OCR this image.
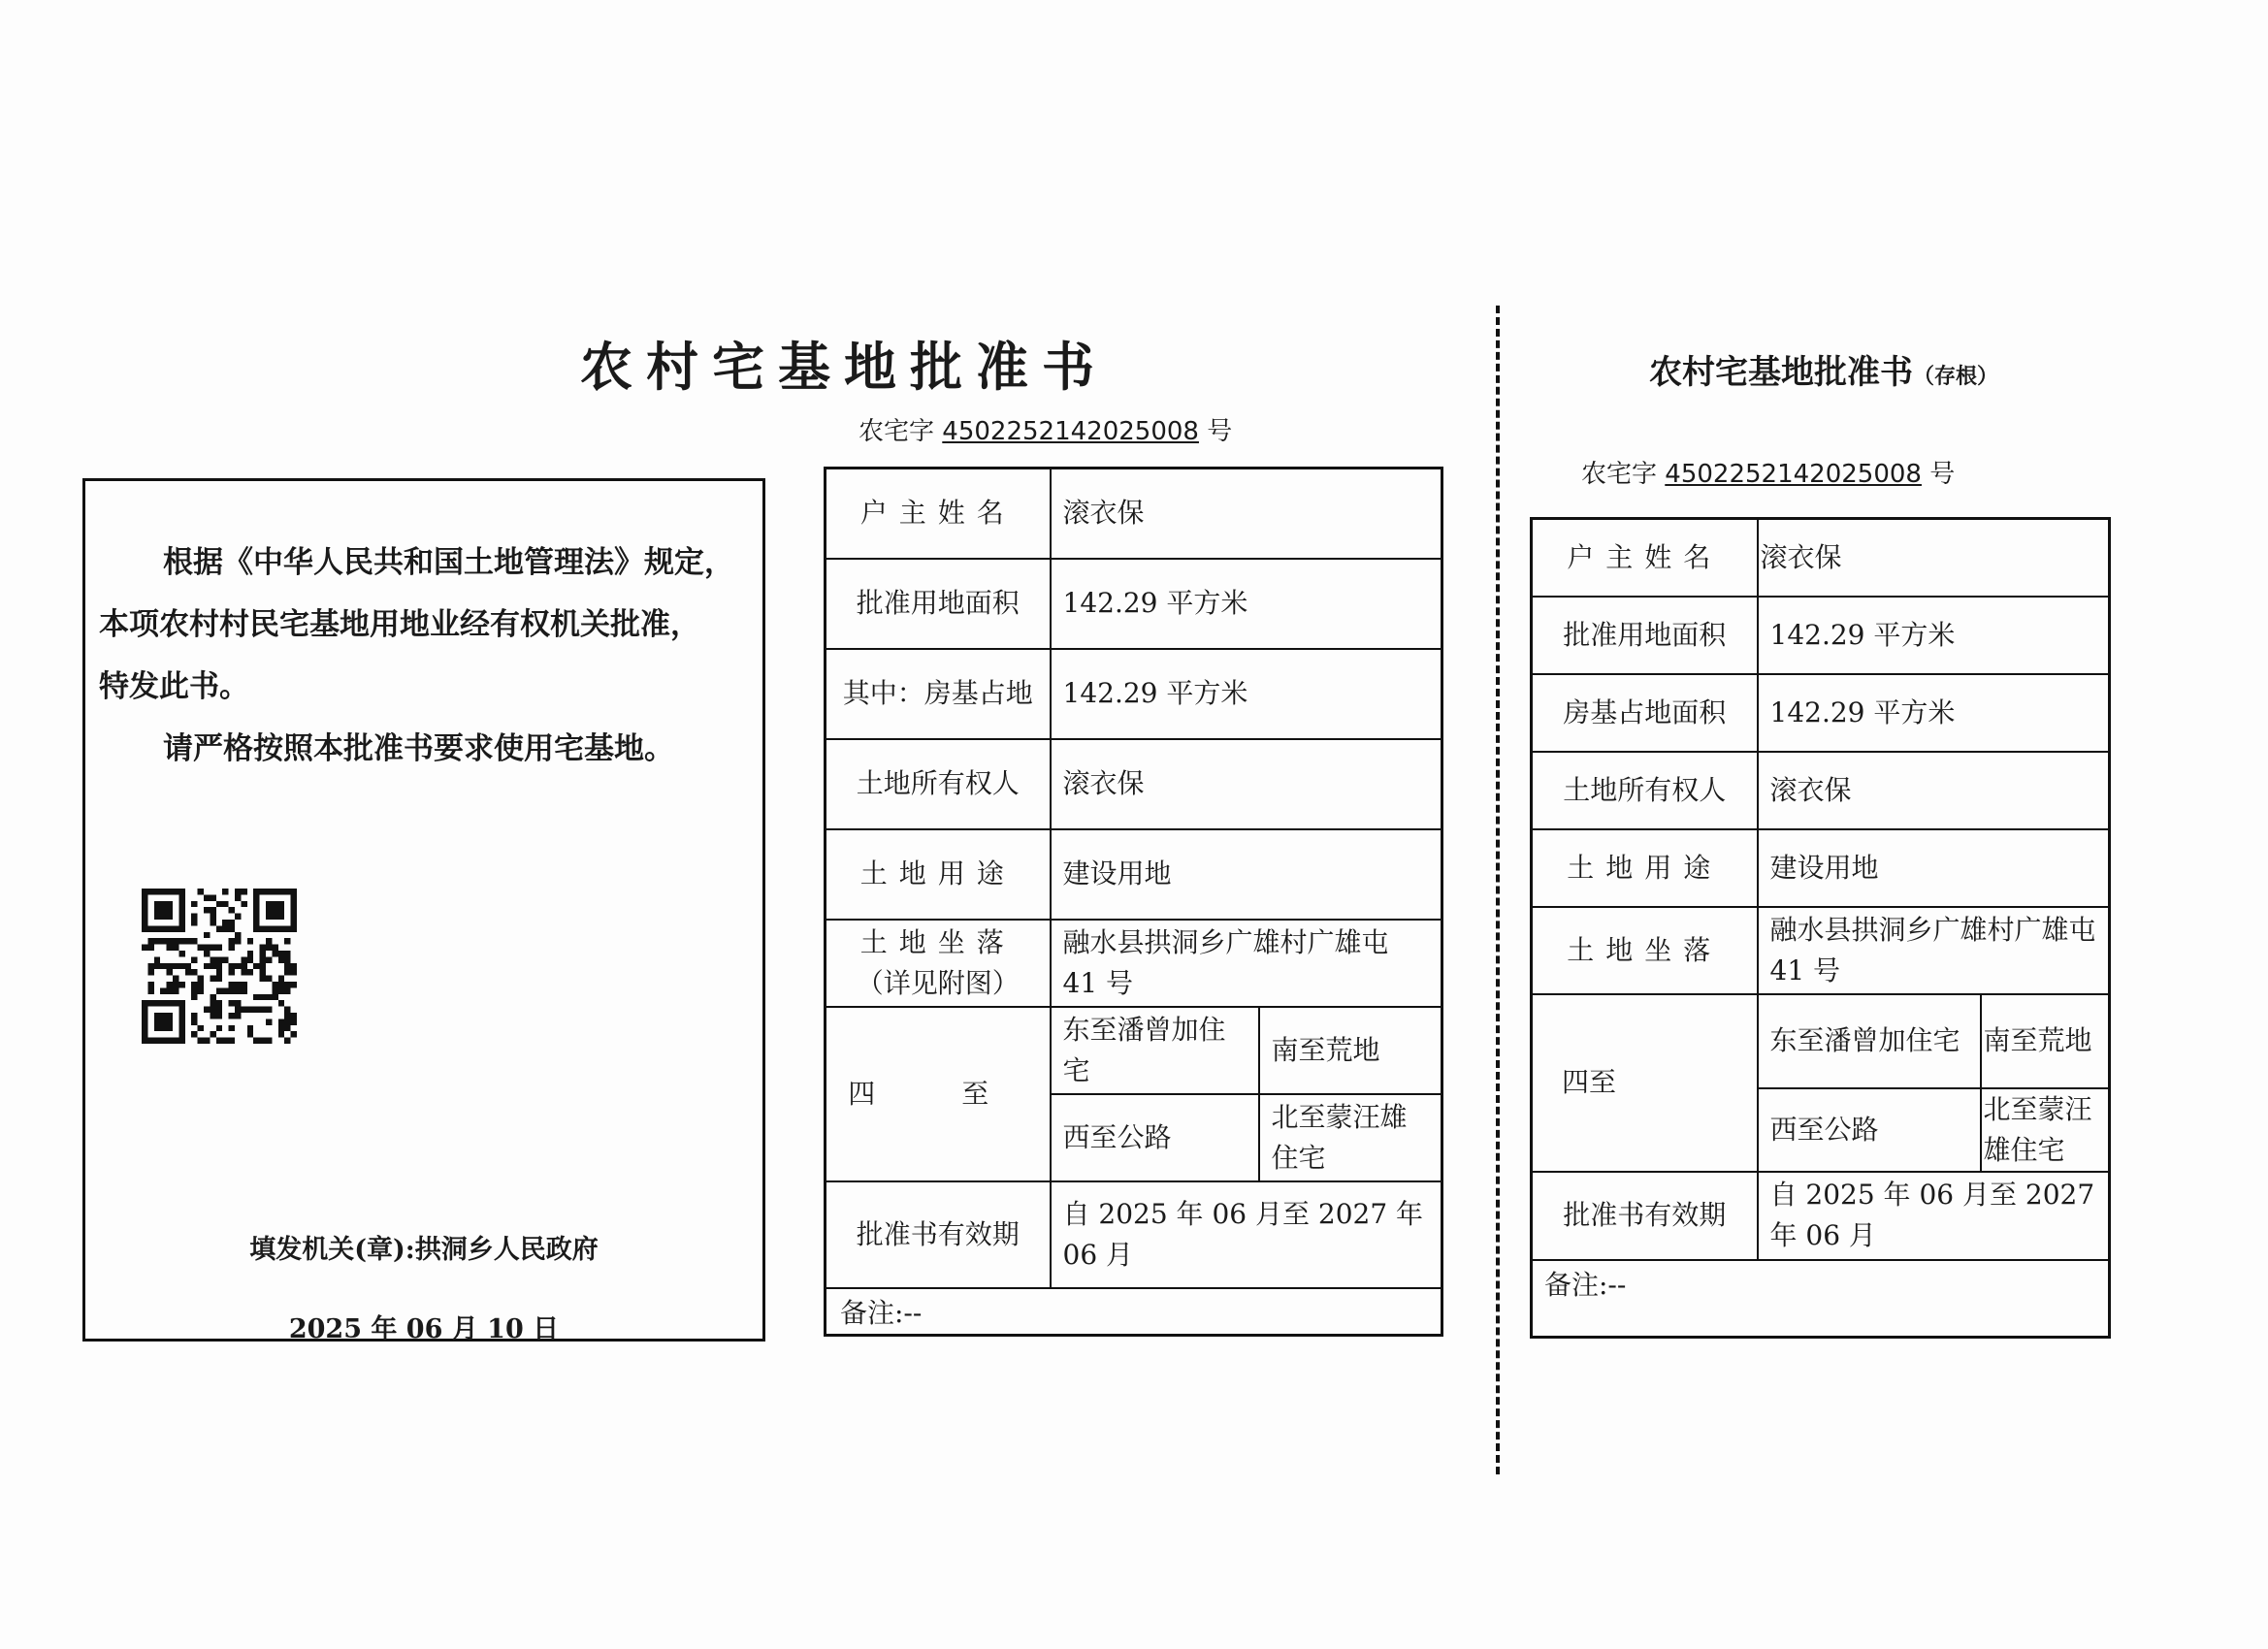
农村宅基地批准书
农宅字 4502252142025008 号

根据《中华人民共和国土地管理法》规定，

本项农村村民宅基地用地业经有权机关批准，

特发此书。

请严格按照本批准书要求使用宅基地。

填发机关(章):拱洞乡人民政府
2025 年 06 月 10 日
户主姓名	滚衣保	
批准用地面积	142.29 平方米	
其中：房基占地	142.29 平方米	
土地所有权人	滚衣保	
土地用途	建设用地	

土地坐落
（详见附图）	融水县拱洞乡广雄村广雄屯 41 号	
四 至	东至潘曾加住宅	南至荒地
	西至公路	北至蒙汪雄住宅
批准书有效期	自 2025 年 06 月至 2027 年 06 月	
备注:--		
农村宅基地批准书（存根）
农宅字 4502252142025008 号
户主姓名	滚衣保	
批准用地面积	142.29 平方米	
房基占地面积	142.29 平方米	
土地所有权人	滚衣保	
土地用途	建设用地	
土地坐落	融水县拱洞乡广雄村广雄屯 41 号	
四至	东至潘曾加住宅	南至荒地
	西至公路	北至蒙汪雄住宅
批准书有效期	自 2025 年 06 月至 2027 年 06 月	
备注:--		
